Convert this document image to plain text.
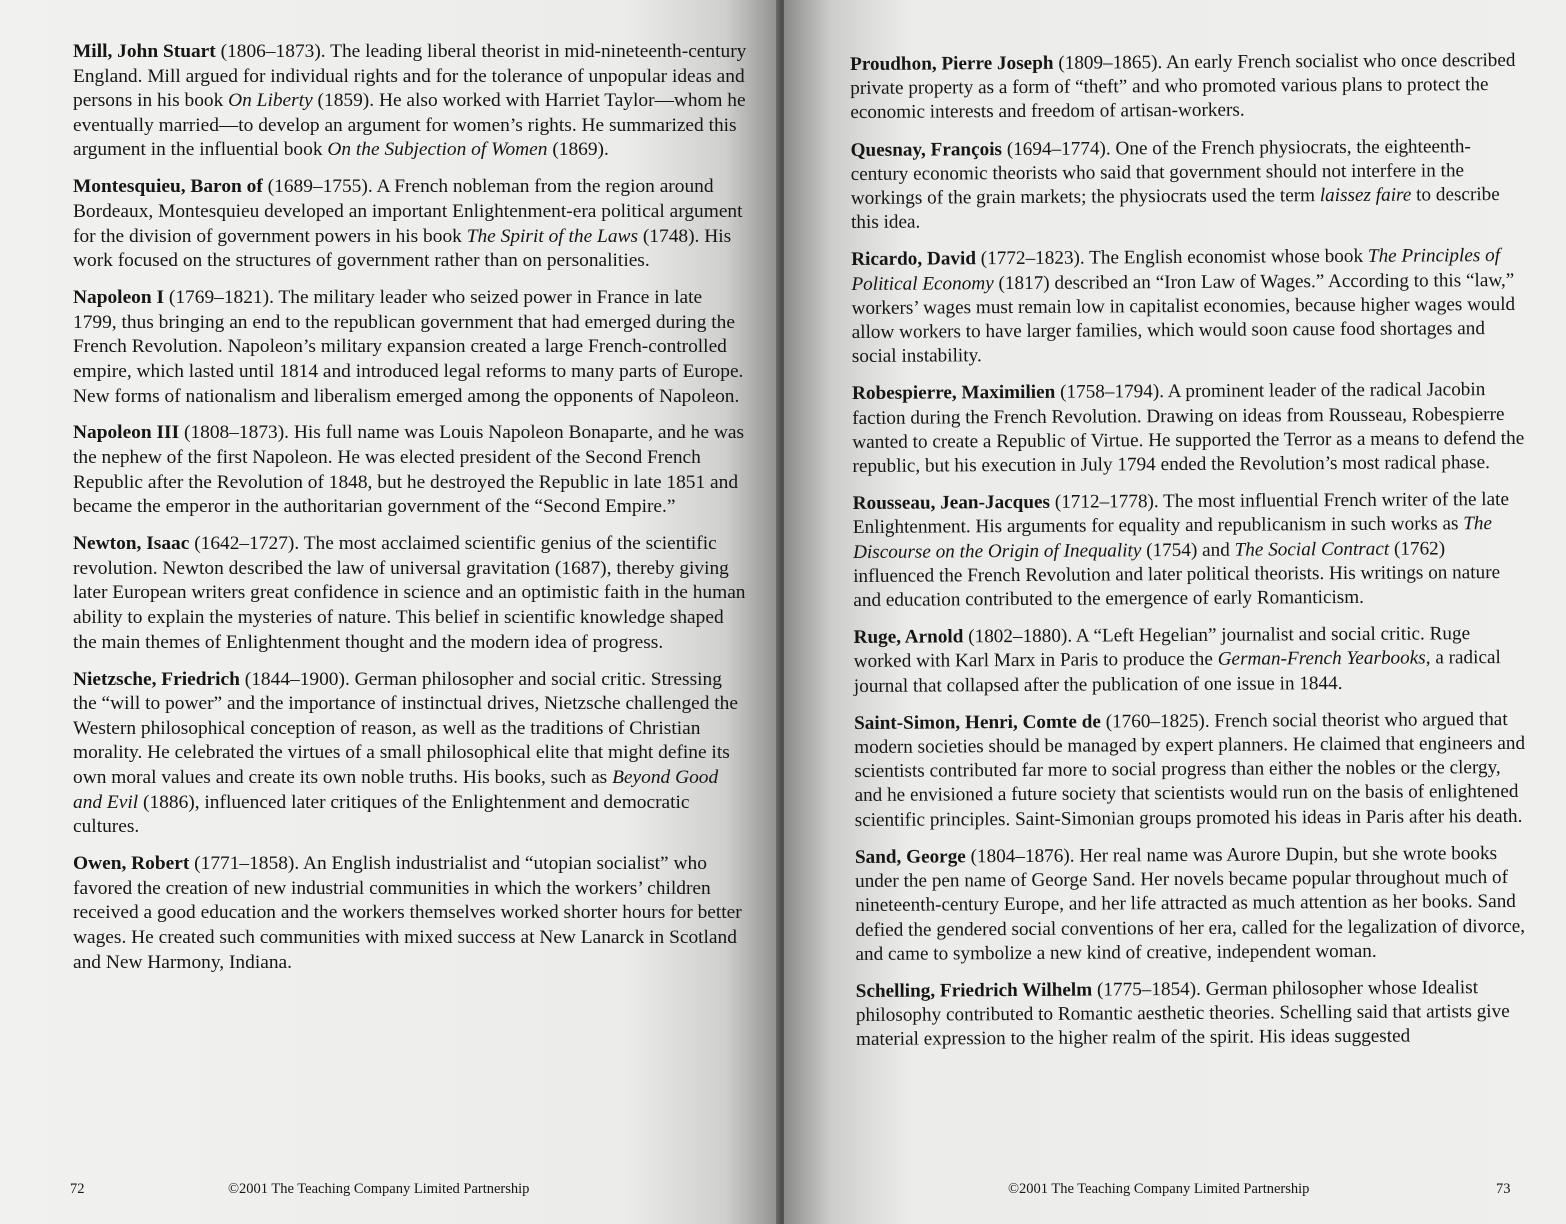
Mill, John Stuart (1806–1873). The leading liberal theorist in mid-nineteenth-century England. Mill argued for individual rights and for the tolerance of unpopular ideas and persons in his book On Liberty (1859). He also worked with Harriet Taylor—whom he eventually married—to develop an argument for women’s rights. He summarized this argument in the influential book On the Subjection of Women (1869).

Montesquieu, Baron of (1689–1755). A French nobleman from the region around Bordeaux, Montesquieu developed an important Enlightenment-era political argument for the division of government powers in his book The Spirit of the Laws (1748). His work focused on the structures of government rather than on personalities.

Napoleon I (1769–1821). The military leader who seized power in France in late 1799, thus bringing an end to the republican government that had emerged during the French Revolution. Napoleon’s military expansion created a large French-controlled empire, which lasted until 1814 and introduced legal reforms to many parts of Europe. New forms of nationalism and liberalism emerged among the opponents of Napoleon.

Napoleon III (1808–1873). His full name was Louis Napoleon Bonaparte, and he was the nephew of the first Napoleon. He was elected president of the Second French Republic after the Revolution of 1848, but he destroyed the Republic in late 1851 and became the emperor in the authoritarian government of the “Second Empire.”

Newton, Isaac (1642–1727). The most acclaimed scientific genius of the scientific revolution. Newton described the law of universal gravitation (1687), thereby giving later European writers great confidence in science and an optimistic faith in the human ability to explain the mysteries of nature. This belief in scientific knowledge shaped the main themes of Enlightenment thought and the modern idea of progress.

Nietzsche, Friedrich (1844–1900). German philosopher and social critic. Stressing the “will to power” and the importance of instinctual drives, Nietzsche challenged the Western philosophical conception of reason, as well as the traditions of Christian morality. He celebrated the virtues of a small philosophical elite that might define its own moral values and create its own noble truths. His books, such as Beyond Good and Evil (1886), influenced later critiques of the Enlightenment and democratic cultures.

Owen, Robert (1771–1858). An English industrialist and “utopian socialist” who favored the creation of new industrial communities in which the workers’ children received a good education and the workers themselves worked shorter hours for better wages. He created such communities with mixed success at New Lanarck in Scotland and New Harmony, Indiana.

72	©2001 The Teaching Company Limited Partnership

Proudhon, Pierre Joseph (1809–1865). An early French socialist who once described private property as a form of “theft” and who promoted various plans to protect the economic interests and freedom of artisan-workers.

Quesnay, François (1694–1774). One of the French physiocrats, the eighteenth-century economic theorists who said that government should not interfere in the workings of the grain markets; the physiocrats used the term laissez faire to describe this idea.

Ricardo, David (1772–1823). The English economist whose book The Principles of Political Economy (1817) described an “Iron Law of Wages.” According to this “law,” workers’ wages must remain low in capitalist economies, because higher wages would allow workers to have larger families, which would soon cause food shortages and social instability.

Robespierre, Maximilien (1758–1794). A prominent leader of the radical Jacobin faction during the French Revolution. Drawing on ideas from Rousseau, Robespierre wanted to create a Republic of Virtue. He supported the Terror as a means to defend the republic, but his execution in July 1794 ended the Revolution’s most radical phase.

Rousseau, Jean-Jacques (1712–1778). The most influential French writer of the late Enlightenment. His arguments for equality and republicanism in such works as The Discourse on the Origin of Inequality (1754) and The Social Contract (1762) influenced the French Revolution and later political theorists. His writings on nature and education contributed to the emergence of early Romanticism.

Ruge, Arnold (1802–1880). A “Left Hegelian” journalist and social critic. Ruge worked with Karl Marx in Paris to produce the German-French Yearbooks, a radical journal that collapsed after the publication of one issue in 1844.

Saint-Simon, Henri, Comte de (1760–1825). French social theorist who argued that modern societies should be managed by expert planners. He claimed that engineers and scientists contributed far more to social progress than either the nobles or the clergy, and he envisioned a future society that scientists would run on the basis of enlightened scientific principles. Saint-Simonian groups promoted his ideas in Paris after his death.

Sand, George (1804–1876). Her real name was Aurore Dupin, but she wrote books under the pen name of George Sand. Her novels became popular throughout much of nineteenth-century Europe, and her life attracted as much attention as her books. Sand defied the gendered social conventions of her era, called for the legalization of divorce, and came to symbolize a new kind of creative, independent woman.

Schelling, Friedrich Wilhelm (1775–1854). German philosopher whose Idealist philosophy contributed to Romantic aesthetic theories. Schelling said that artists give material expression to the higher realm of the spirit. His ideas suggested

©2001 The Teaching Company Limited Partnership	73
